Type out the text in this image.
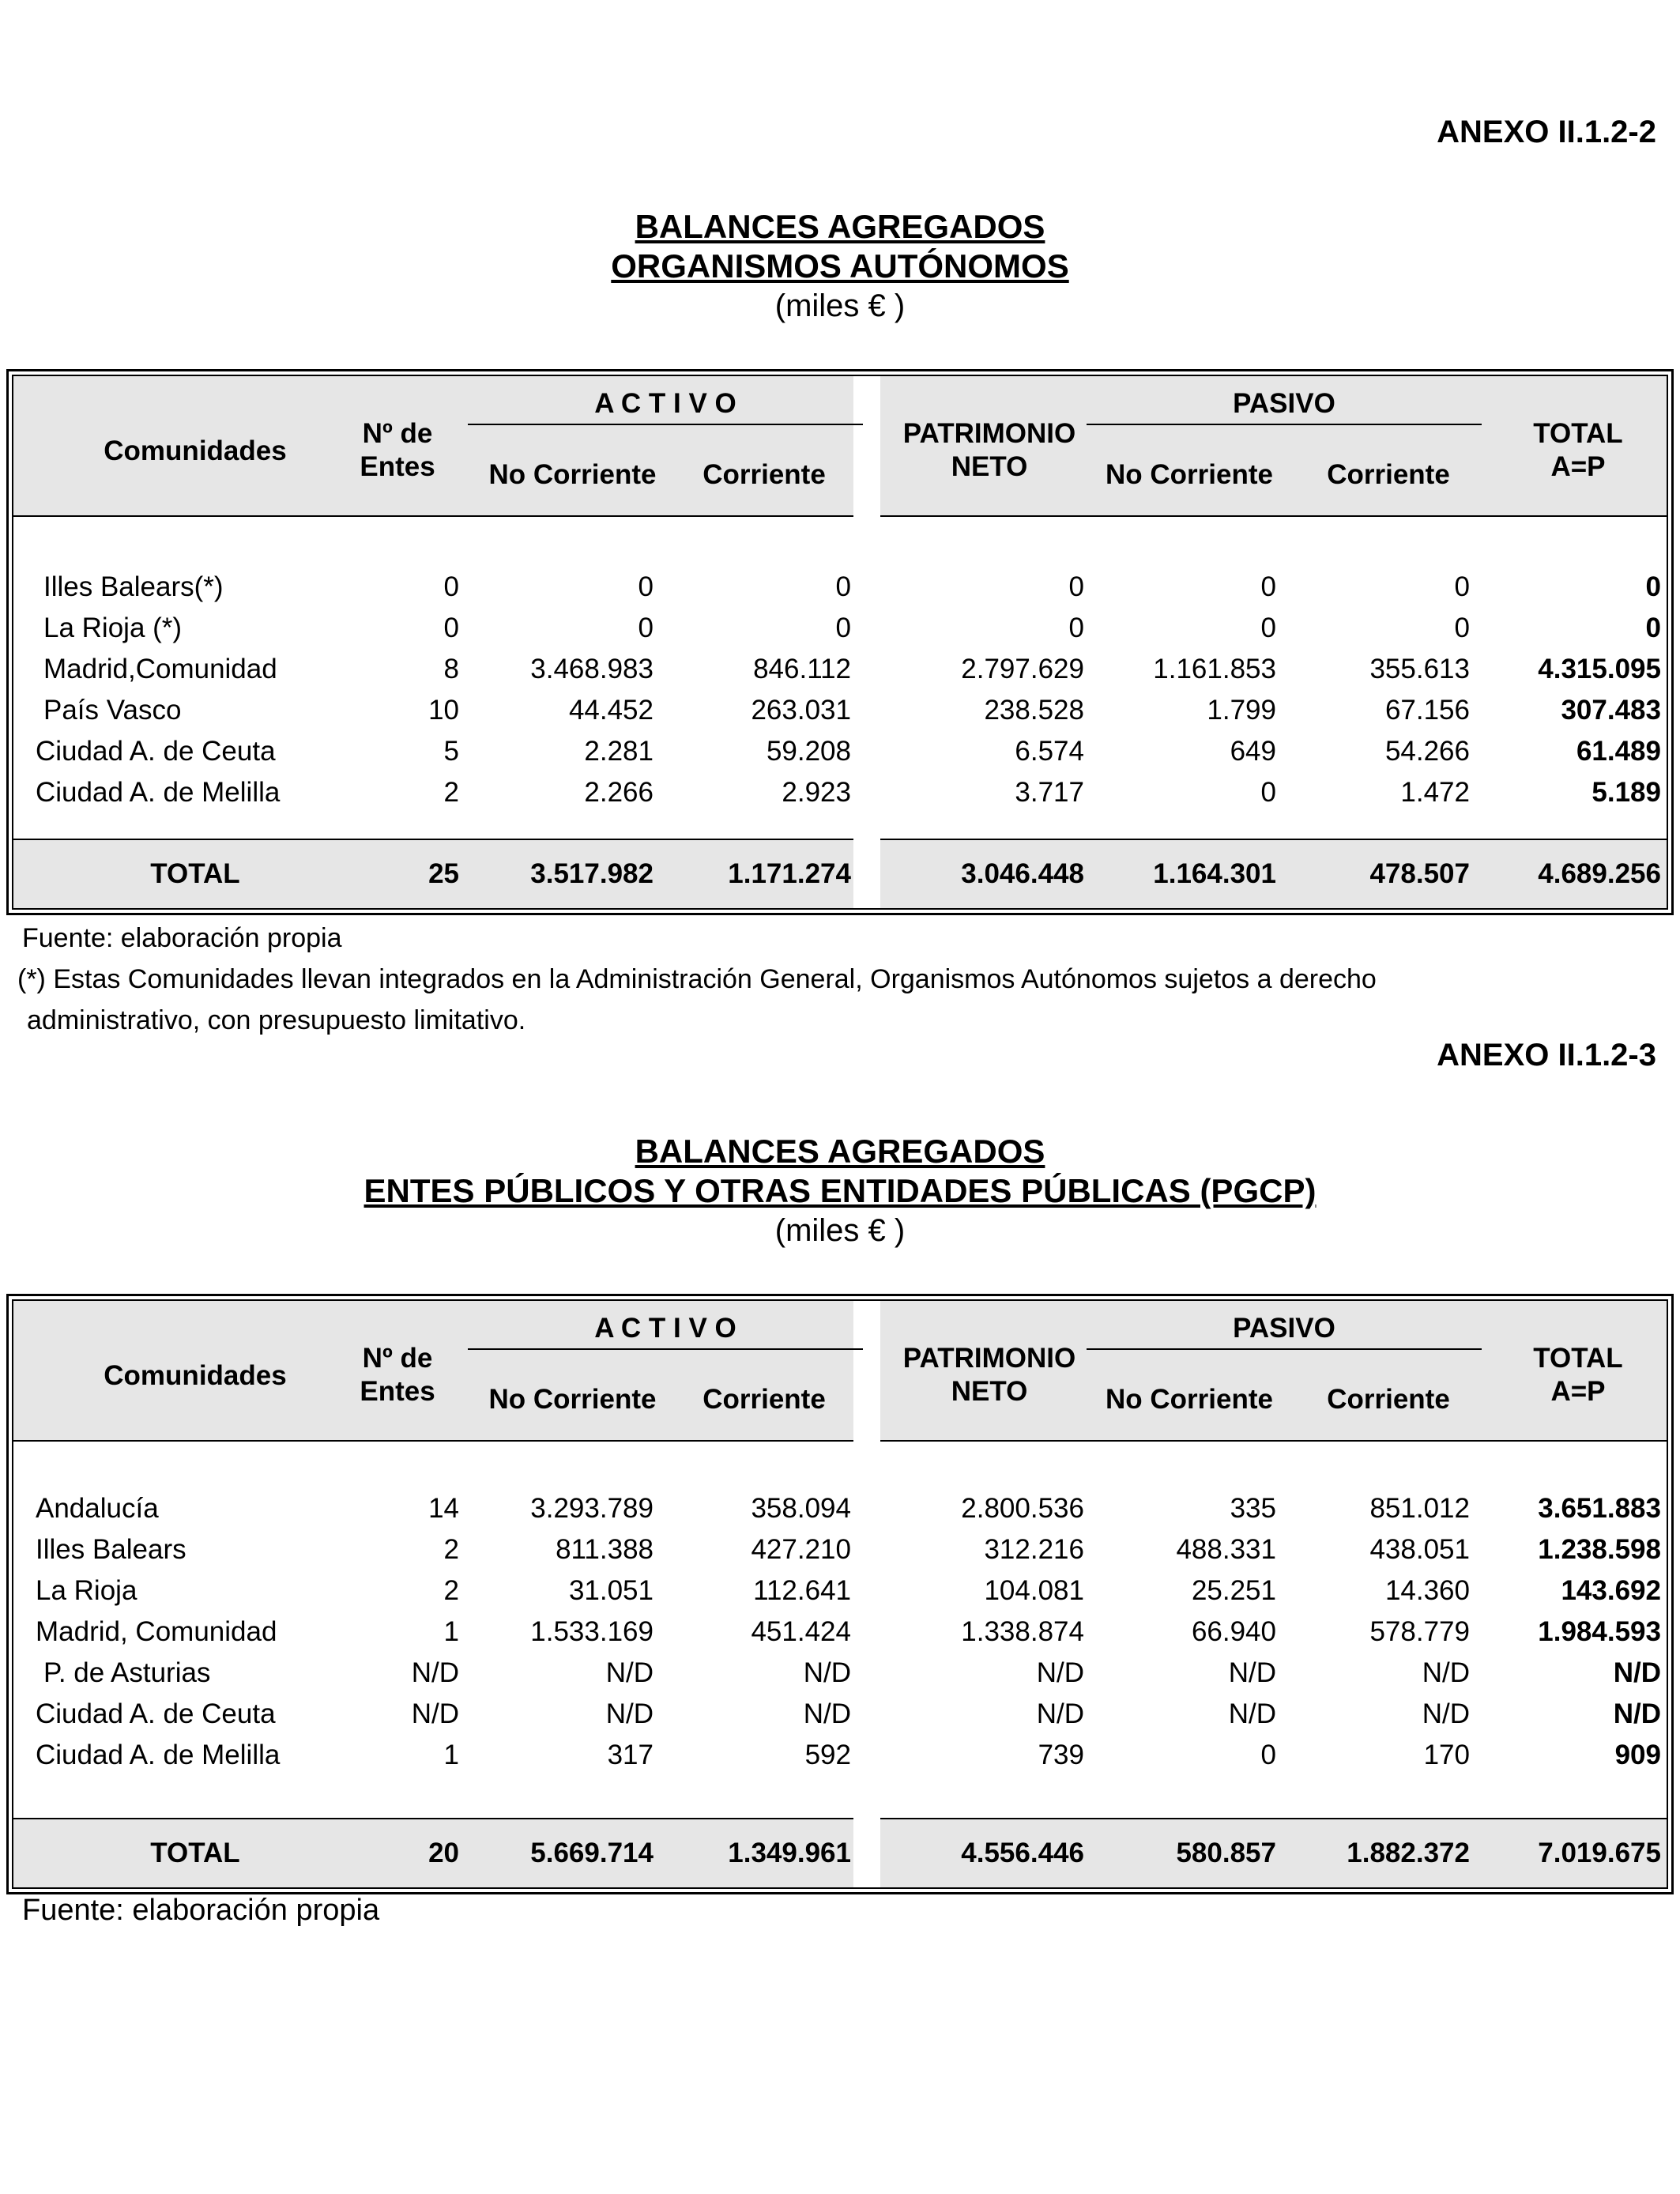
ANEXO II.1.2-2
BALANCES AGREGADOS
ORGANISMOS AUTÓNOMOS
(miles € )
Comunidades
Nº de
Entes
A C T I V O
No Corriente	Corriente
PATRIMONIO
NETO
PASIVO
No Corriente	Corriente
TOTAL
A=P
Illes Balears(*)	0	0	0	0	0	0	0
La Rioja (*)	0	0	0	0	0	0	0
Madrid,Comunidad	8	3.468.983	846.112	2.797.629	1.161.853	355.613	4.315.095
País Vasco	10	44.452	263.031	238.528	1.799	67.156	307.483
Ciudad A. de Ceuta	5	2.281	59.208	6.574	649	54.266	61.489
Ciudad A. de Melilla	2	2.266	2.923	3.717	0	1.472	5.189
TOTAL	25	3.517.982	1.171.274	3.046.448	1.164.301	478.507	4.689.256
Fuente: elaboración propia
(*) Estas Comunidades llevan integrados en la Administración General, Organismos Autónomos sujetos a derecho
administrativo, con presupuesto limitativo.
ANEXO II.1.2-3
BALANCES AGREGADOS
ENTES PÚBLICOS Y OTRAS ENTIDADES PÚBLICAS (PGCP)
(miles € )
Comunidades
Nº de
Entes
A C T I V O
No Corriente	Corriente
PATRIMONIO
NETO
PASIVO
No Corriente	Corriente
TOTAL
A=P
Andalucía	14	3.293.789	358.094	2.800.536	335	851.012	3.651.883
Illes Balears	2	811.388	427.210	312.216	488.331	438.051	1.238.598
La Rioja	2	31.051	112.641	104.081	25.251	14.360	143.692
Madrid, Comunidad	1	1.533.169	451.424	1.338.874	66.940	578.779	1.984.593
P. de Asturias	N/D	N/D	N/D	N/D	N/D	N/D	N/D
Ciudad A. de Ceuta	N/D	N/D	N/D	N/D	N/D	N/D	N/D
Ciudad A. de Melilla	1	317	592	739	0	170	909
TOTAL	20	5.669.714	1.349.961	4.556.446	580.857	1.882.372	7.019.675
Fuente: elaboración propia
